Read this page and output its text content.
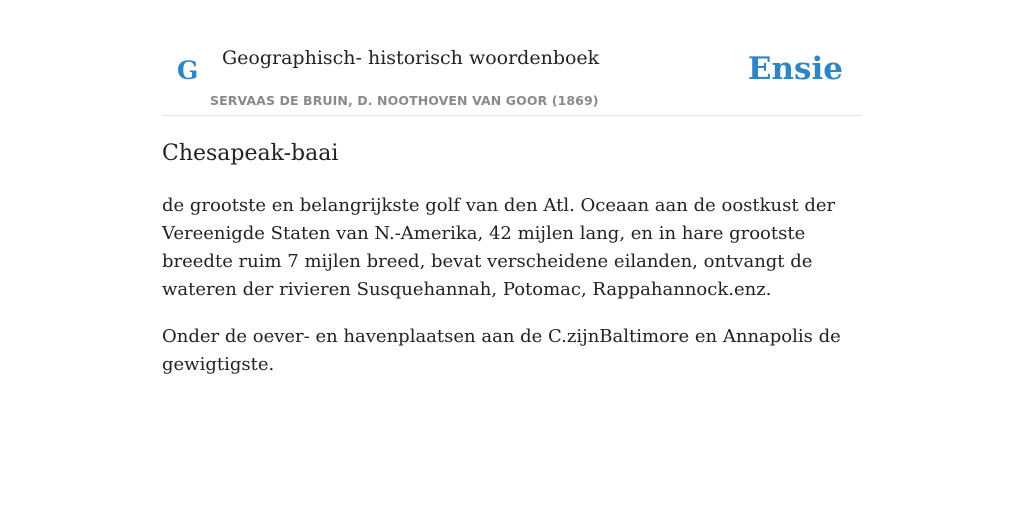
G Geographisch- historisch woordenboek
SERVAAS DE BRUIN, D. NOOTHOVEN VAN GOOR (1869)
Ensie
Chesapeak-baai

de grootste en belangrijkste golf van den Atl. Oceaan aan de oostkust der Vereenigde Staten van N.-Amerika, 42 mijlen lang, en in hare grootste breedte ruim 7 mijlen breed, bevat verscheidene eilanden, ontvangt de wateren der rivieren Susquehannah, Potomac, Rappahannock.enz.

Onder de oever- en havenplaatsen aan de C.zijnBaltimore en Annapolis de gewigtigste.
